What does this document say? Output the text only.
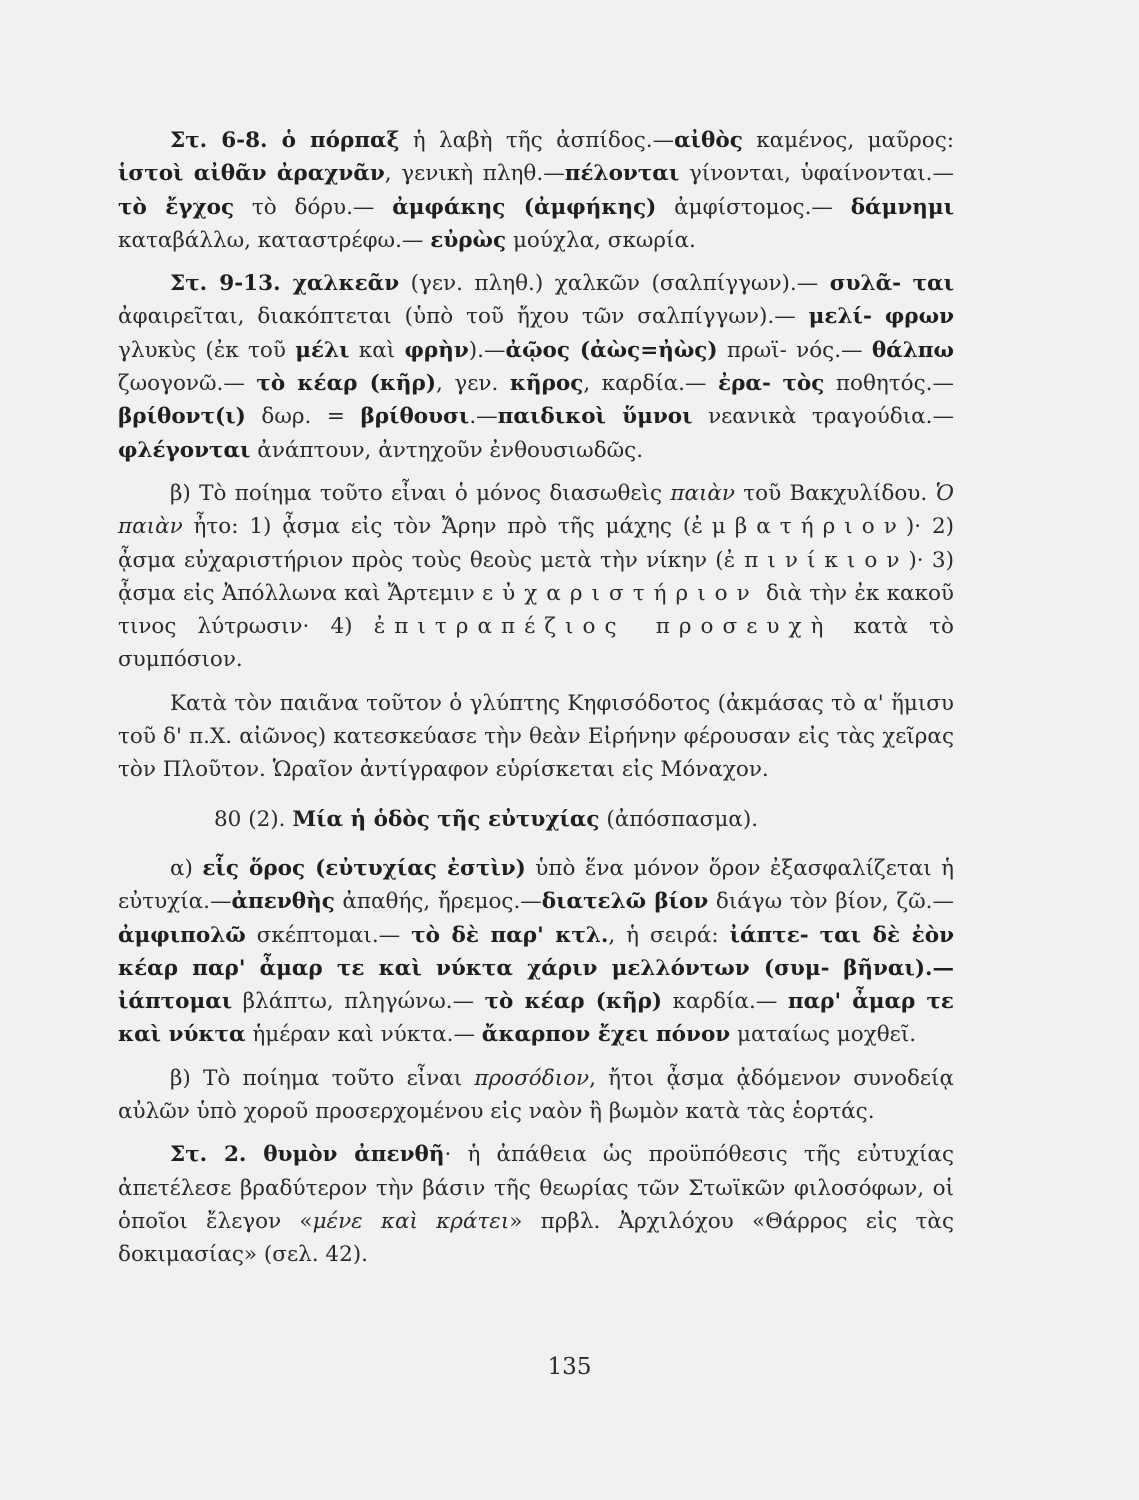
Στ. 6-8. ὁ πόρπαξ ἡ λαβὴ τῆς ἀσπίδος.—αἰθὸς καμένος, μαῦρος: ἱστοὶ αἰθᾶν ἀραχνᾶν, γενικὴ πληθ.—πέλονται γίνονται, ὑφαίνονται.— τὸ ἔγχος τὸ δόρυ.— ἀμφάκης (ἀμφήκης) ἀμφίστομος.— δάμνημι καταβάλλω, καταστρέφω.— εὐρὼς μούχλα, σκωρία.

Στ. 9-13. χαλκεᾶν (γεν. πληθ.) χαλκῶν (σαλπίγγων).— συλᾶ- ται ἀφαιρεῖται, διακόπτεται (ὑπὸ τοῦ ἤχου τῶν σαλπίγγων).— μελί- φρων γλυκὺς (ἐκ τοῦ μέλι καὶ φρὴν).—ἀῷος (ἀὼς=ἠὼς) πρωϊ- νός.— θάλπω ζωογονῶ.— τὸ κέαρ (κῆρ), γεν. κῆρος, καρδία.— ἐρα- τὸς ποθητός.—βρίθοντ(ι) δωρ. = βρίθουσι.—παιδικοὶ ὕμνοι νεανικὰ τραγούδια.— φλέγονται ἀνάπτουν, ἀντηχοῦν ἐνθουσιωδῶς.

β) Τὸ ποίημα τοῦτο εἶναι ὁ μόνος διασωθεὶς παιὰν τοῦ Βακχυλίδου. Ὁ παιὰν ἦτο: 1) ᾆσμα εἰς τὸν Ἄρην πρὸ τῆς μάχης (ἐμβατήριον)· 2) ᾆσμα εὐχαριστήριον πρὸς τοὺς θεοὺς μετὰ τὴν νίκην (ἐπινίκιον)· 3) ᾆσμα εἰς Ἀπόλλωνα καὶ Ἄρτεμιν εὐχαριστήριον διὰ τὴν ἐκ κακοῦ τινος λύτρωσιν· 4) ἐπιτραπέζιος προσευχὴ κατὰ τὸ συμπόσιον.

Κατὰ τὸν παιᾶνα τοῦτον ὁ γλύπτης Κηφισόδοτος (ἀκμάσας τὸ α' ἥμισυ τοῦ δ' π.Χ. αἰῶνος) κατεσκεύασε τὴν θεὰν Εἰρήνην φέρουσαν εἰς τὰς χεῖρας τὸν Πλοῦτον. Ὡραῖον ἀντίγραφον εὑρίσκεται εἰς Μόναχον.

80 (2). Μία ἡ ὁδὸς τῆς εὐτυχίας (ἀπόσπασμα).

α) εἷς ὅρος (εὐτυχίας ἐστὶν) ὑπὸ ἕνα μόνον ὅρον ἐξασφαλίζεται ἡ εὐτυχία.—ἀπενθὴς ἀπαθής, ἤρεμος.—διατελῶ βίον διάγω τὸν βίον, ζῶ.— ἀμφιπολῶ σκέπτομαι.— τὸ δὲ παρ' κτλ., ἡ σειρά: ἰάπτε- ται δὲ ἐὸν κέαρ παρ' ἆμαρ τε καὶ νύκτα χάριν μελλόντων (συμ- βῆναι).— ἰάπτομαι βλάπτω, πληγώνω.— τὸ κέαρ (κῆρ) καρδία.— παρ' ἆμαρ τε καὶ νύκτα ἡμέραν καὶ νύκτα.— ἄκαρπον ἔχει πόνον ματαίως μοχθεῖ.

β) Τὸ ποίημα τοῦτο εἶναι προσόδιον, ἤτοι ᾆσμα ᾀδόμενον συνοδείᾳ αὐλῶν ὑπὸ χοροῦ προσερχομένου εἰς ναὸν ἢ βωμὸν κατὰ τὰς ἑορτάς.

Στ. 2. θυμὸν ἀπενθῆ· ἡ ἀπάθεια ὡς προϋπόθεσις τῆς εὐτυχίας ἀπετέλεσε βραδύτερον τὴν βάσιν τῆς θεωρίας τῶν Στωϊκῶν φιλοσόφων, οἱ ὁποῖοι ἔλεγον «μένε καὶ κράτει» πρβλ. Ἀρχιλόχου «Θάρρος εἰς τὰς δοκιμασίας» (σελ. 42).

135
